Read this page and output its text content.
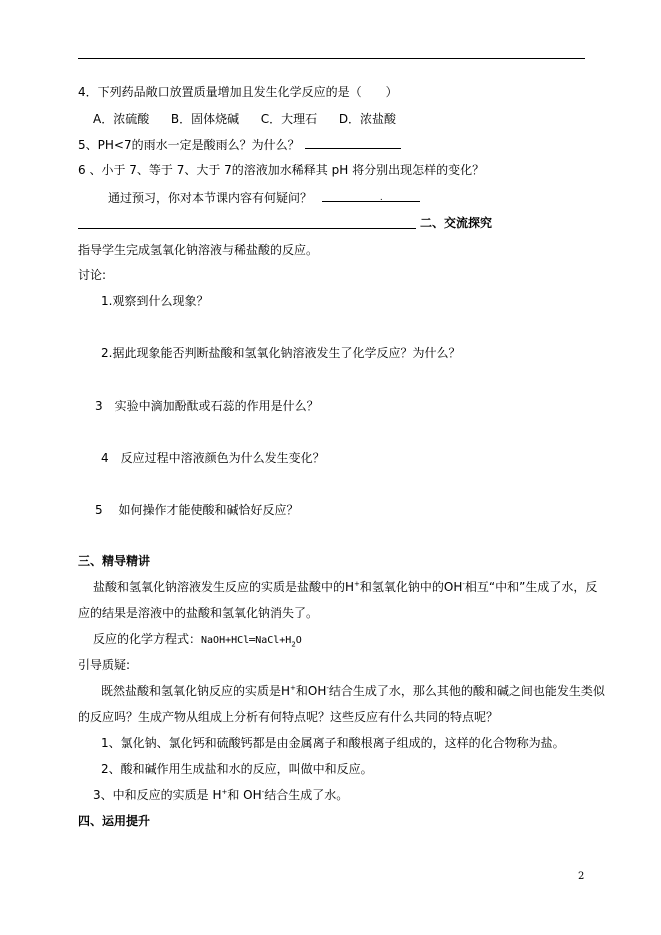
4．下列药品敞口放置质量增加且发生化学反应的是（　　）
A．浓硫酸 B．固体烧碱 C．大理石 D．浓盐酸
5、PH<7的雨水一定是酸雨么？为什么？
6 、小于 7、等于 7、大于 7的溶液加水稀释其 pH 将分别出现怎样的变化？
通过预习，你对本节课内容有何疑问？	.
二、交流探究
指导学生完成氢氧化钠溶液与稀盐酸的反应。
讨论:
1.观察到什么现象？
2.据此现象能否判断盐酸和氢氧化钠溶液发生了化学反应？为什么？
3　实验中滴加酚酞或石蕊的作用是什么？
4　反应过程中溶液颜色为什么发生变化？
5　 如何操作才能使酸和碱恰好反应？
三、精导精讲
盐酸和氢氧化钠溶液发生反应的实质是盐酸中的H+和氢氧化钠中的OH-相互“中和”生成了水，反
应的结果是溶液中的盐酸和氢氧化钠消失了。
反应的化学方程式：$NaOH+HCl═NaCl+H_2O$
引导质疑:
既然盐酸和氢氧化钠反应的实质是H+和OH-结合生成了水，那么其他的酸和碱之间也能发生类似
的反应吗？生成产物从组成上分析有何特点呢？这些反应有什么共同的特点呢？
1、氯化钠、氯化钙和硫酸钙都是由金属离子和酸根离子组成的，这样的化合物称为盐。
2、酸和碱作用生成盐和水的反应，叫做中和反应。
3、中和反应的实质是 H+和 OH-结合生成了水。
四、运用提升
2
